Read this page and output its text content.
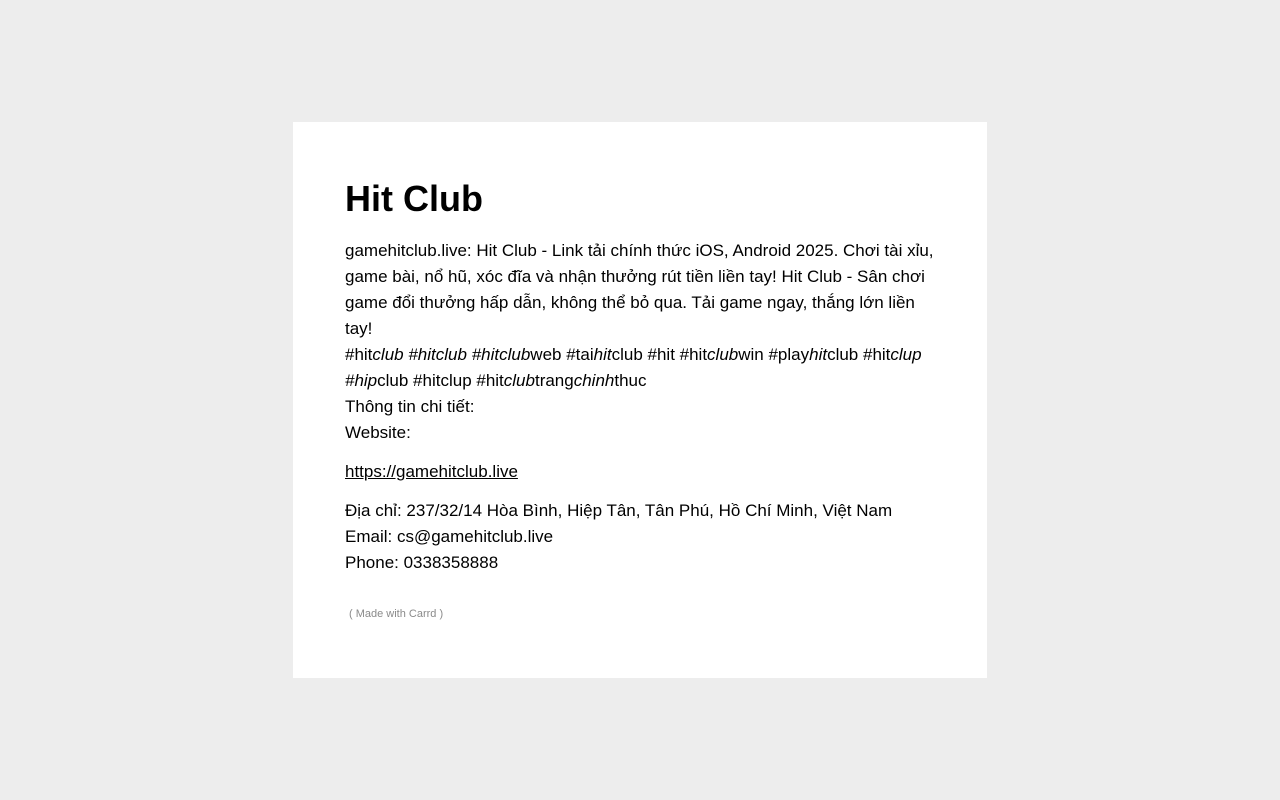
Hit Club

gamehitclub.live: Hit Club - Link tải chính thức iOS, Android 2025. Chơi tài xỉu, game bài, nổ hũ, xóc đĩa và nhận thưởng rút tiền liền tay! Hit Club - Sân chơi game đổi thưởng hấp dẫn, không thể bỏ qua. Tải game ngay, thắng lớn liền tay!

#hitclub #hitclub #hitclubweb #taihitclub #hit #hitclubwin #playhitclub #hitclup #hipclub #hitclup #hitclubtrangchinhthuc

Thông tin chi tiết:
Website:
https://gamehitclub.live
Địa chỉ: 237/32/14 Hòa Bình, Hiệp Tân, Tân Phú, Hồ Chí Minh, Việt Nam
Email: cs@gamehitclub.live
Phone: 0338358888
( Made with Carrd )
